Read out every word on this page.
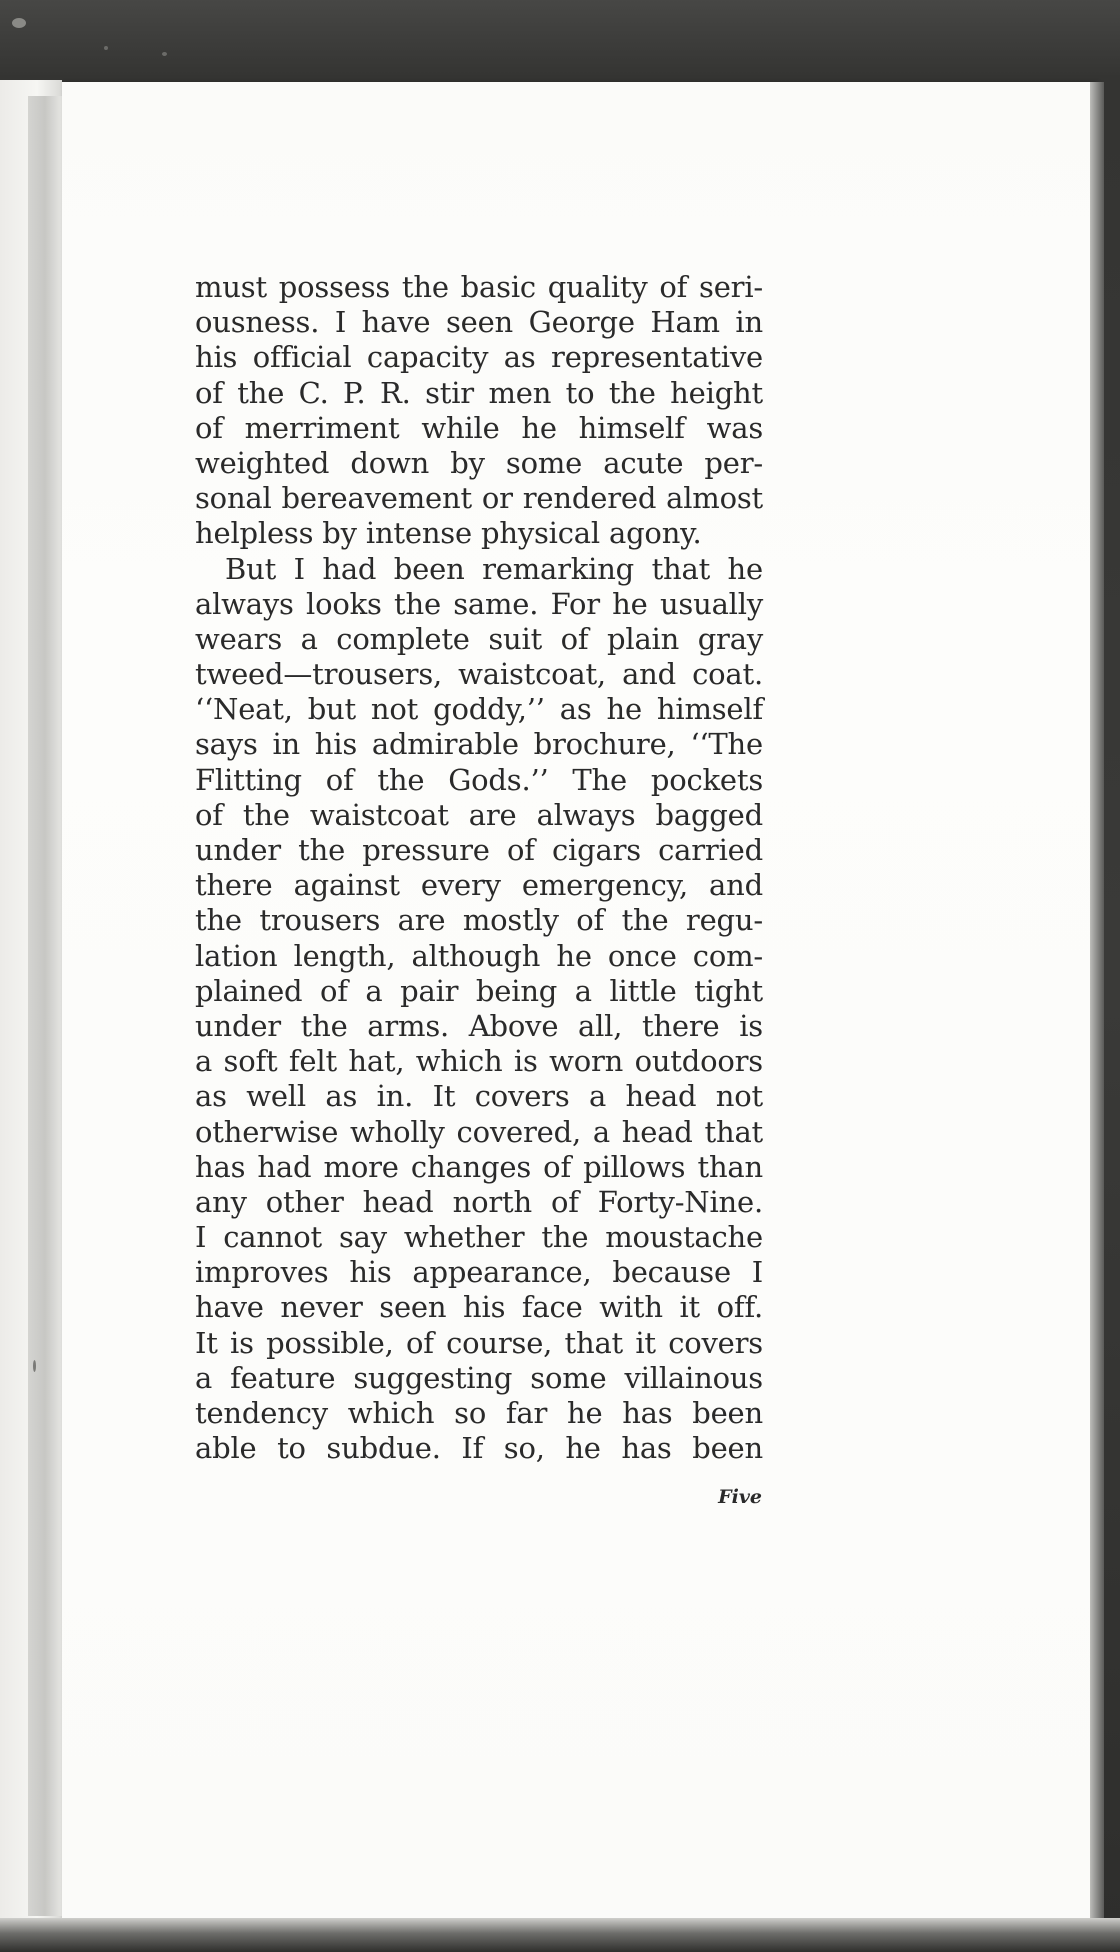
must possess the basic quality of seri-
ousness. I have seen George Ham in
his official capacity as representative
of the C. P. R. stir men to the height
of merriment while he himself was
weighted down by some acute per-
sonal bereavement or rendered almost
helpless by intense physical agony.
But I had been remarking that he
always looks the same. For he usually
wears a complete suit of plain gray
tweed—trousers, waistcoat, and coat.
‘‘Neat, but not goddy,’’ as he himself
says in his admirable brochure, ‘‘The
Flitting of the Gods.’’ The pockets
of the waistcoat are always bagged
under the pressure of cigars carried
there against every emergency, and
the trousers are mostly of the regu-
lation length, although he once com-
plained of a pair being a little tight
under the arms. Above all, there is
a soft felt hat, which is worn outdoors
as well as in. It covers a head not
otherwise wholly covered, a head that
has had more changes of pillows than
any other head north of Forty-Nine.
I cannot say whether the moustache
improves his appearance, because I
have never seen his face with it off.
It is possible, of course, that it covers
a feature suggesting some villainous
tendency which so far he has been
able to subdue. If so, he has been
Five
